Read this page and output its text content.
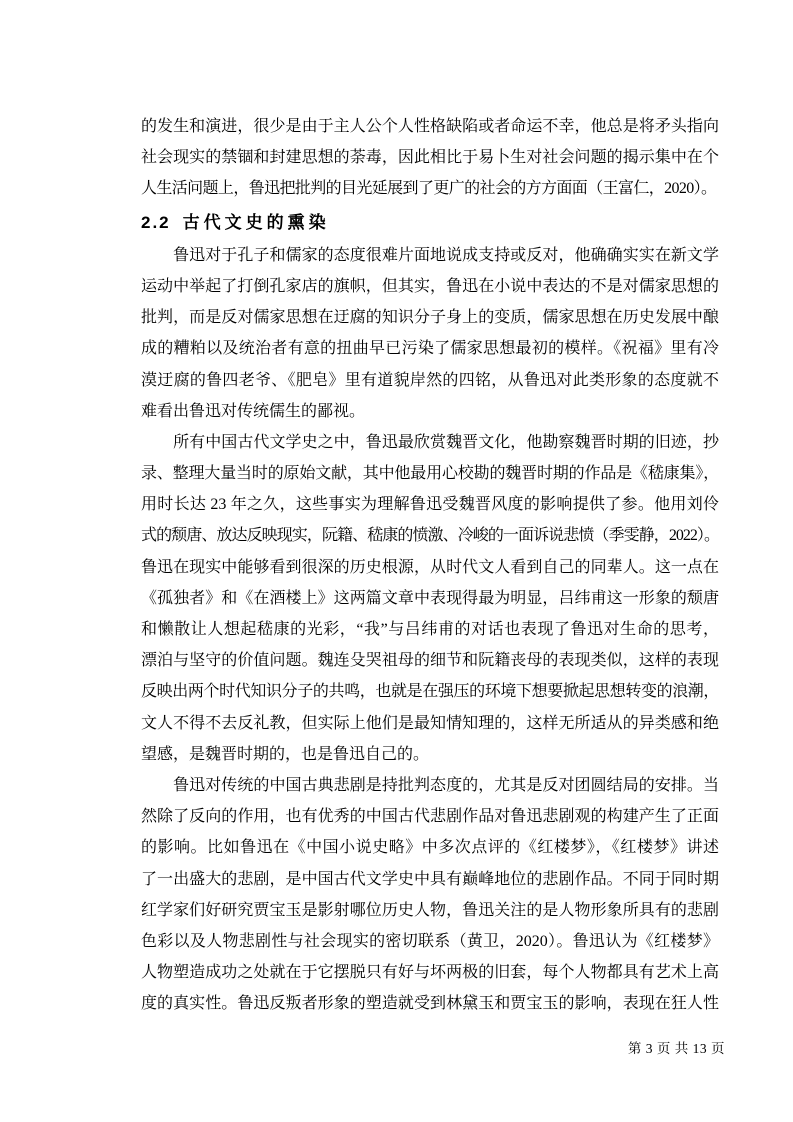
的发生和演进，很少是由于主人公个人性格缺陷或者命运不幸，他总是将矛头指向
社会现实的禁锢和封建思想的荼毒，因此相比于易卜生对社会问题的揭示集中在个
人生活问题上，鲁迅把批判的目光延展到了更广的社会的方方面面（王富仁，2020）。
2.2 古代文史的熏染
　　鲁迅对于孔子和儒家的态度很难片面地说成支持或反对，他确确实实在新文学
运动中举起了打倒孔家店的旗帜，但其实，鲁迅在小说中表达的不是对儒家思想的
批判，而是反对儒家思想在迂腐的知识分子身上的变质，儒家思想在历史发展中酿
成的糟粕以及统治者有意的扭曲早已污染了儒家思想最初的模样。《祝福》里有冷
漠迂腐的鲁四老爷、《肥皂》里有道貌岸然的四铭，从鲁迅对此类形象的态度就不
难看出鲁迅对传统儒生的鄙视。
　　所有中国古代文学史之中，鲁迅最欣赏魏晋文化，他勘察魏晋时期的旧迹，抄
录、整理大量当时的原始文献，其中他最用心校勘的魏晋时期的作品是《嵇康集》，
用时长达 23 年之久，这些事实为理解鲁迅受魏晋风度的影响提供了参。他用刘伶
式的颓唐、放达反映现实，阮籍、嵇康的愤激、冷峻的一面诉说悲愤（季雯静，2022）。
鲁迅在现实中能够看到很深的历史根源，从时代文人看到自己的同辈人。这一点在
《孤独者》和《在酒楼上》这两篇文章中表现得最为明显，吕纬甫这一形象的颓唐
和懒散让人想起嵇康的光彩，“我”与吕纬甫的对话也表现了鲁迅对生命的思考，
漂泊与坚守的价值问题。魏连殳哭祖母的细节和阮籍丧母的表现类似，这样的表现
反映出两个时代知识分子的共鸣，也就是在强压的环境下想要掀起思想转变的浪潮，
文人不得不去反礼教，但实际上他们是最知情知理的，这样无所适从的异类感和绝
望感，是魏晋时期的，也是鲁迅自己的。
　　鲁迅对传统的中国古典悲剧是持批判态度的，尤其是反对团圆结局的安排。当
然除了反向的作用，也有优秀的中国古代悲剧作品对鲁迅悲剧观的构建产生了正面
的影响。比如鲁迅在《中国小说史略》中多次点评的《红楼梦》，《红楼梦》讲述
了一出盛大的悲剧，是中国古代文学史中具有巅峰地位的悲剧作品。不同于同时期
红学家们好研究贾宝玉是影射哪位历史人物，鲁迅关注的是人物形象所具有的悲剧
色彩以及人物悲剧性与社会现实的密切联系（黄卫，2020）。鲁迅认为《红楼梦》
人物塑造成功之处就在于它摆脱只有好与坏两极的旧套，每个人物都具有艺术上高
度的真实性。鲁迅反叛者形象的塑造就受到林黛玉和贾宝玉的影响，表现在狂人性
第 3 页 共 13 页
